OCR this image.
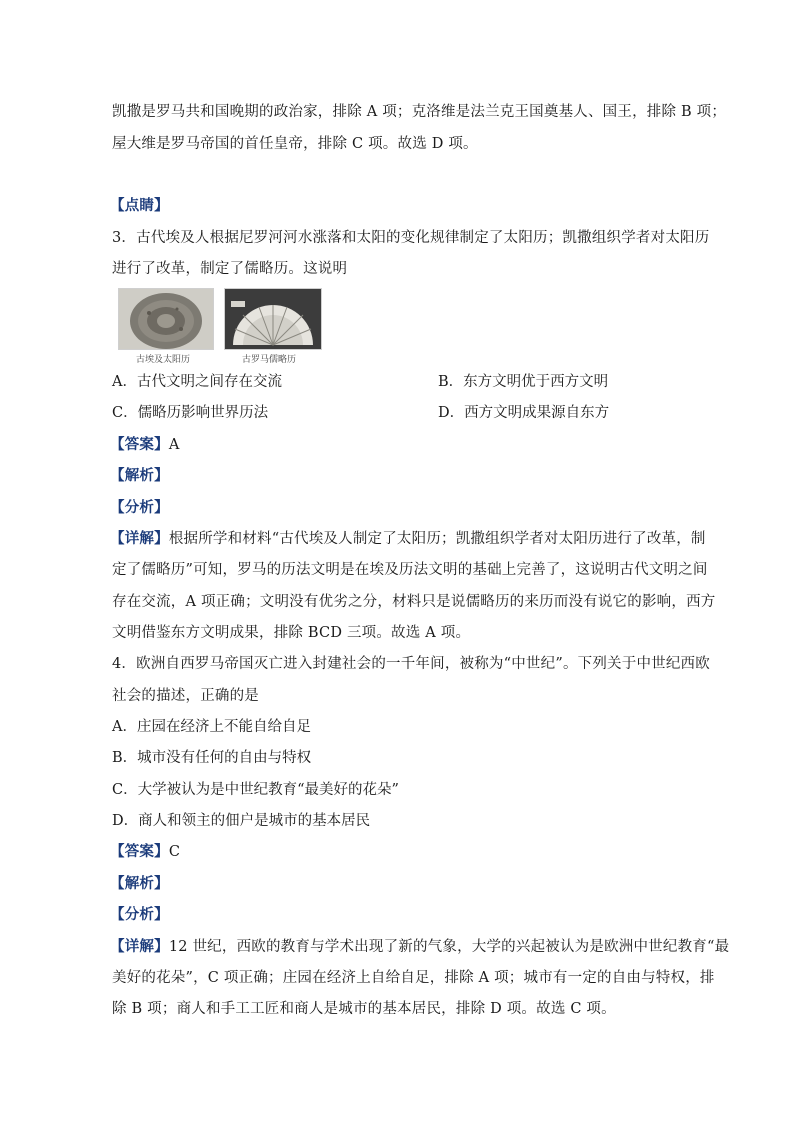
凯撒是罗马共和国晚期的政治家，排除 A 项；克洛维是法兰克王国奠基人、国王，排除 B 项；
屋大维是罗马帝国的首任皇帝，排除 C 项。故选 D 项。
【点睛】
3．古代埃及人根据尼罗河河水涨落和太阳的变化规律制定了太阳历；凯撒组织学者对太阳历
进行了改革，制定了儒略历。这说明
古埃及太阳历	古罗马儒略历
A．古代文明之间存在交流	B．东方文明优于西方文明
C．儒略历影响世界历法	D．西方文明成果源自东方
【答案】A
【解析】
【分析】
【详解】根据所学和材料“古代埃及人制定了太阳历；凯撒组织学者对太阳历进行了改革，制
定了儒略历”可知，罗马的历法文明是在埃及历法文明的基础上完善了，这说明古代文明之间
存在交流，A 项正确；文明没有优劣之分，材料只是说儒略历的来历而没有说它的影响，西方
文明借鉴东方文明成果，排除 BCD 三项。故选 A 项。
4．欧洲自西罗马帝国灭亡进入封建社会的一千年间，被称为“中世纪”。下列关于中世纪西欧
社会的描述，正确的是
A．庄园在经济上不能自给自足
B．城市没有任何的自由与特权
C．大学被认为是中世纪教育“最美好的花朵”
D．商人和领主的佃户是城市的基本居民
【答案】C
【解析】
【分析】
【详解】12 世纪，西欧的教育与学术出现了新的气象，大学的兴起被认为是欧洲中世纪教育“最
美好的花朵”，C 项正确；庄园在经济上自给自足，排除 A 项；城市有一定的自由与特权，排
除 B 项；商人和手工工匠和商人是城市的基本居民，排除 D 项。故选 C 项。
